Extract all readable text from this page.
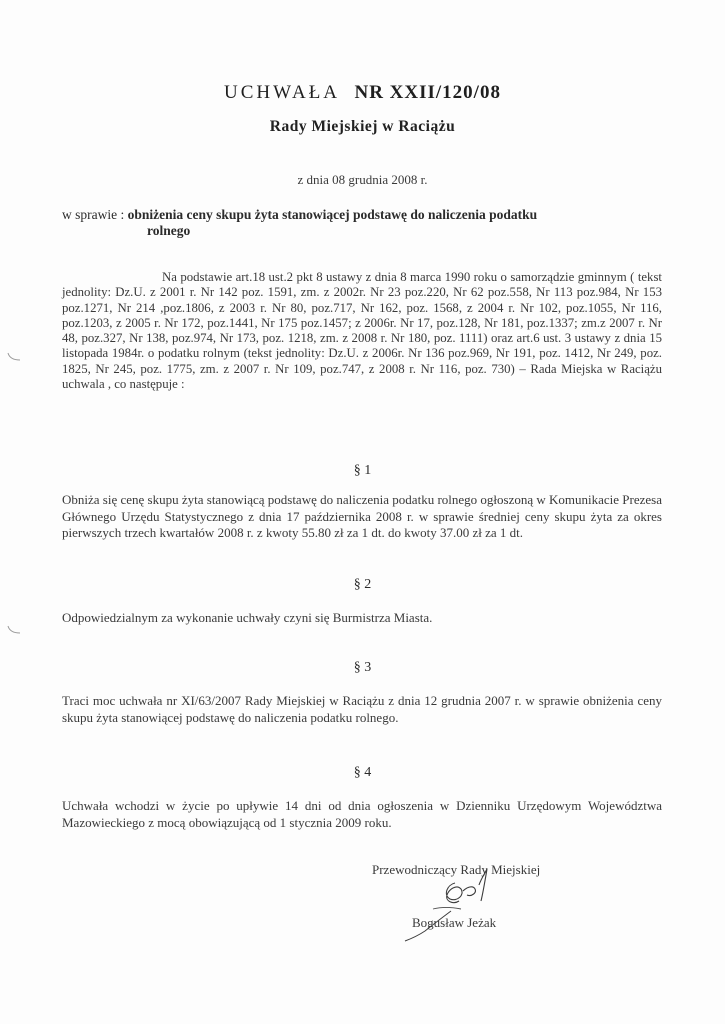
UCHWAŁA NR XXII/120/08
Rady Miejskiej w Raciążu
z dnia 08 grudnia 2008 r.
w sprawie : obniżenia ceny skupu żyta stanowiącej podstawę do naliczenia podatku
rolnego
Na podstawie art.18 ust.2 pkt 8 ustawy z dnia 8 marca 1990 roku o samorządzie gminnym ( tekst jednolity: Dz.U. z 2001 r. Nr 142 poz. 1591, zm. z 2002r. Nr 23 poz.220, Nr 62 poz.558, Nr 113 poz.984, Nr 153 poz.1271, Nr 214 ,poz.1806, z 2003 r. Nr 80, poz.717, Nr 162, poz. 1568, z 2004 r. Nr 102, poz.1055, Nr 116, poz.1203, z 2005 r. Nr 172, poz.1441, Nr 175 poz.1457; z 2006r. Nr 17, poz.128, Nr 181, poz.1337; zm.z 2007 r. Nr 48, poz.327, Nr 138, poz.974, Nr 173, poz. 1218, zm. z 2008 r. Nr 180, poz. 1111) oraz art.6 ust. 3 ustawy z dnia 15 listopada 1984r. o podatku rolnym (tekst jednolity: Dz.U. z 2006r. Nr 136 poz.969, Nr 191, poz. 1412, Nr 249, poz. 1825, Nr 245, poz. 1775, zm. z 2007 r. Nr 109, poz.747, z 2008 r. Nr 116, poz. 730) – Rada Miejska w Raciążu uchwala , co następuje :
§ 1
Obniża się cenę skupu żyta stanowiącą podstawę do naliczenia podatku rolnego ogłoszoną w Komunikacie Prezesa Głównego Urzędu Statystycznego z dnia 17 października 2008 r. w sprawie średniej ceny skupu żyta za okres pierwszych trzech kwartałów 2008 r. z kwoty 55.80 zł za 1 dt. do kwoty 37.00 zł za 1 dt.
§ 2
Odpowiedzialnym za wykonanie uchwały czyni się Burmistrza Miasta.
§ 3
Traci moc uchwała nr XI/63/2007 Rady Miejskiej w Raciążu z dnia 12 grudnia 2007 r. w sprawie obniżenia ceny skupu żyta stanowiącej podstawę do naliczenia podatku rolnego.
§ 4
Uchwała wchodzi w życie po upływie 14 dni od dnia ogłoszenia w Dzienniku Urzędowym Województwa Mazowieckiego z mocą obowiązującą od 1 stycznia 2009 roku.
Przewodniczący Rady Miejskiej
Bogusław Jeżak
